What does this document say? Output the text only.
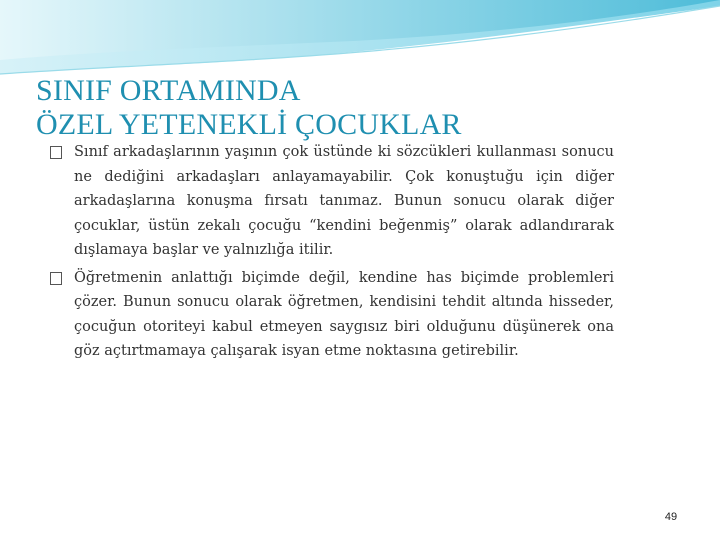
SINIF ORTAMINDA
ÖZEL YETENEKLİ ÇOCUKLAR
Sınıf arkadaşlarının yaşının çok üstünde ki sözcükleri kullanması sonucu ne dediğini arkadaşları anlayamayabilir. Çok konuştuğu için diğer arkadaşlarına konuşma fırsatı tanımaz. Bunun sonucu olarak diğer çocuklar, üstün zekalı çocuğu “kendini beğenmiş” olarak adlandırarak dışlamaya başlar ve yalnızlığa itilir.
Öğretmenin anlattığı biçimde değil, kendine has biçimde problemleri çözer. Bunun sonucu olarak öğretmen, kendisini tehdit altında hisseder, çocuğun otoriteyi kabul etmeyen saygısız biri olduğunu düşünerek ona göz açtırtmamaya çalışarak isyan etme noktasına getirebilir.
49
